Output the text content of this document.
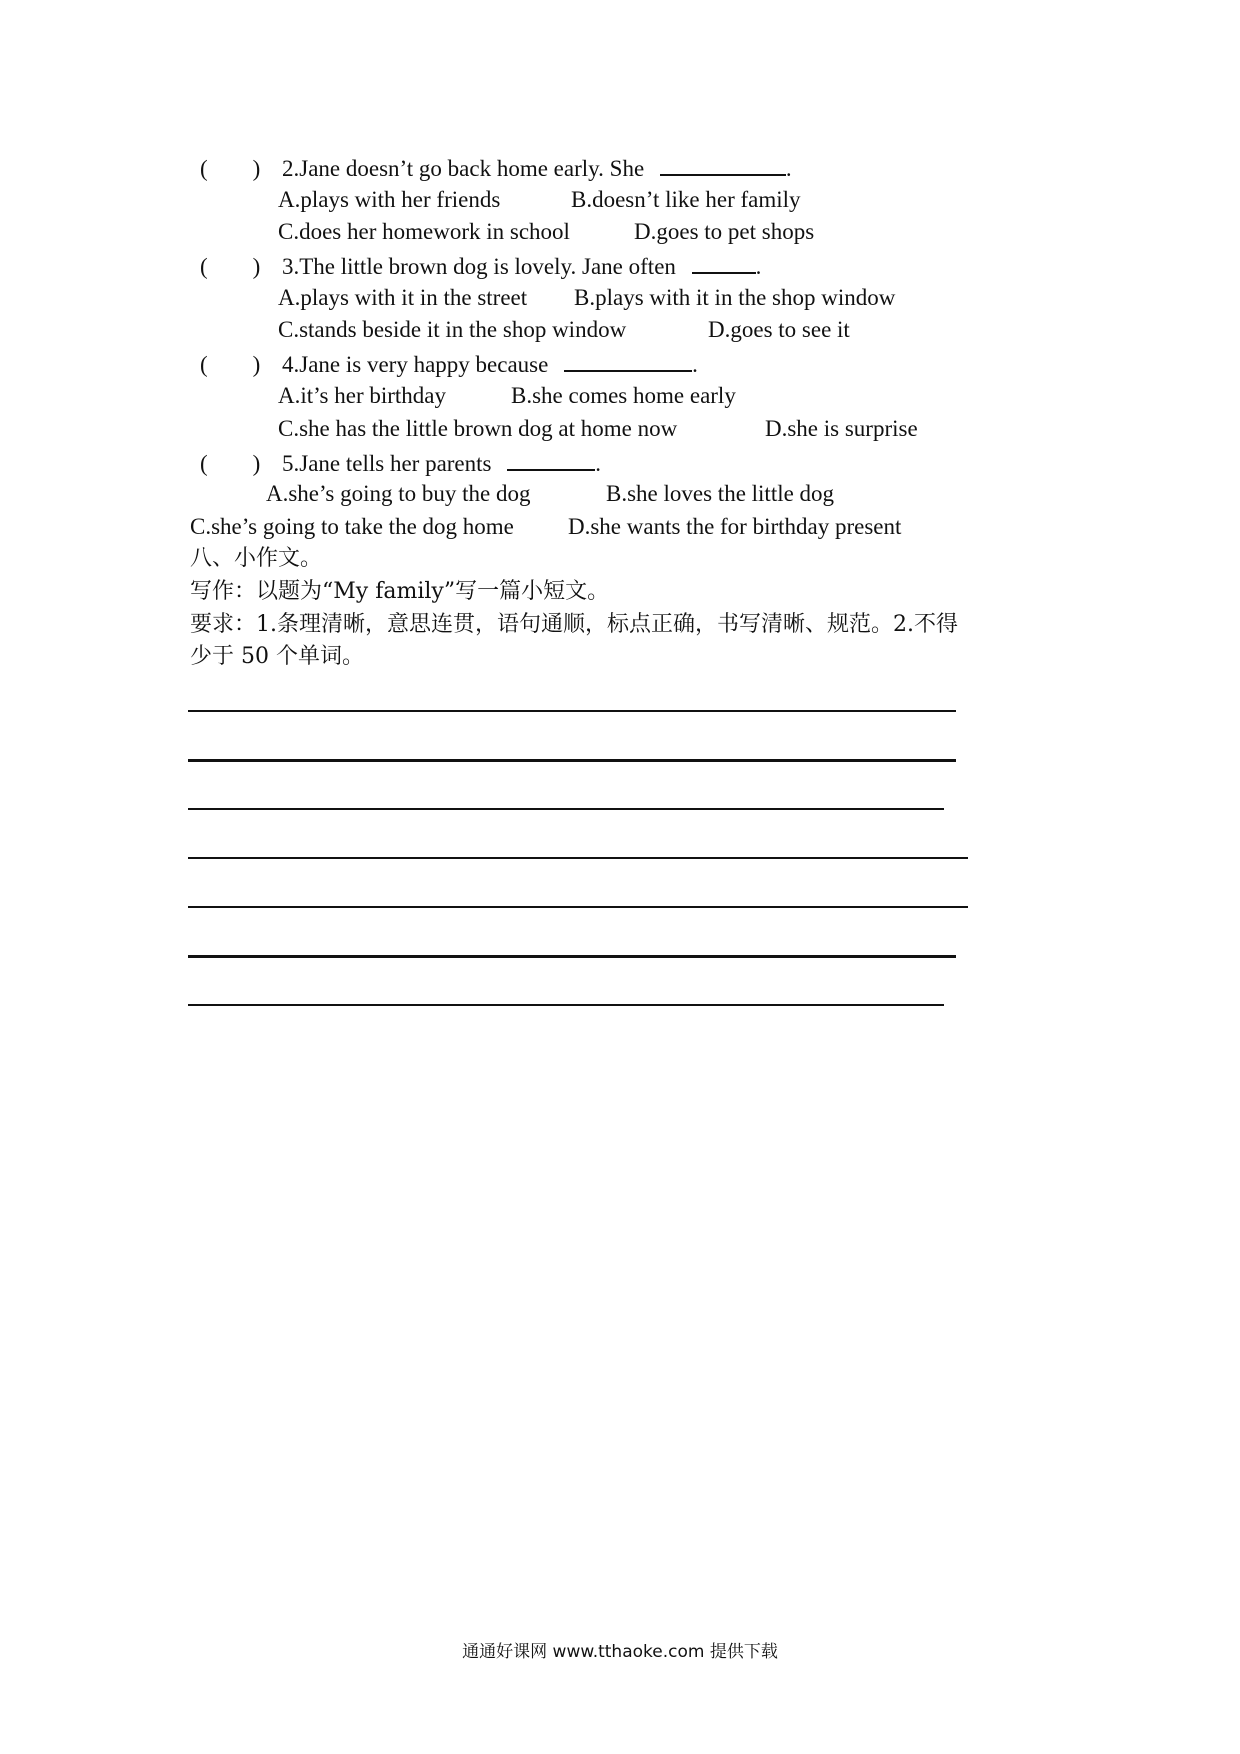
( ) 2.Jane doesn’t go back home early. She	.
A.plays with her friends	B.doesn’t like her family
C.does her homework in school	D.goes to pet shops
( ) 3.The little brown dog is lovely. Jane often	.
A.plays with it in the street B.plays with it in the shop window
C.stands beside it in the shop window	D.goes to see it
( ) 4.Jane is very happy because	.
A.it’s her birthday	B.she comes home early
C.she has the little brown dog at home now	D.she is surprise
( ) 5.Jane tells her parents	.
A.she’s going to buy the dog	B.she loves the little dog
C.she’s going to take the dog home D.she wants the for birthday present
八、小作文。
写作：以题为“My family”写一篇小短文。
要求：1.条理清晰，意思连贯，语句通顺，标点正确，书写清晰、规范。2.不得
少于 50 个单词。
通通好课网 www.tthaoke.com 提供下载
